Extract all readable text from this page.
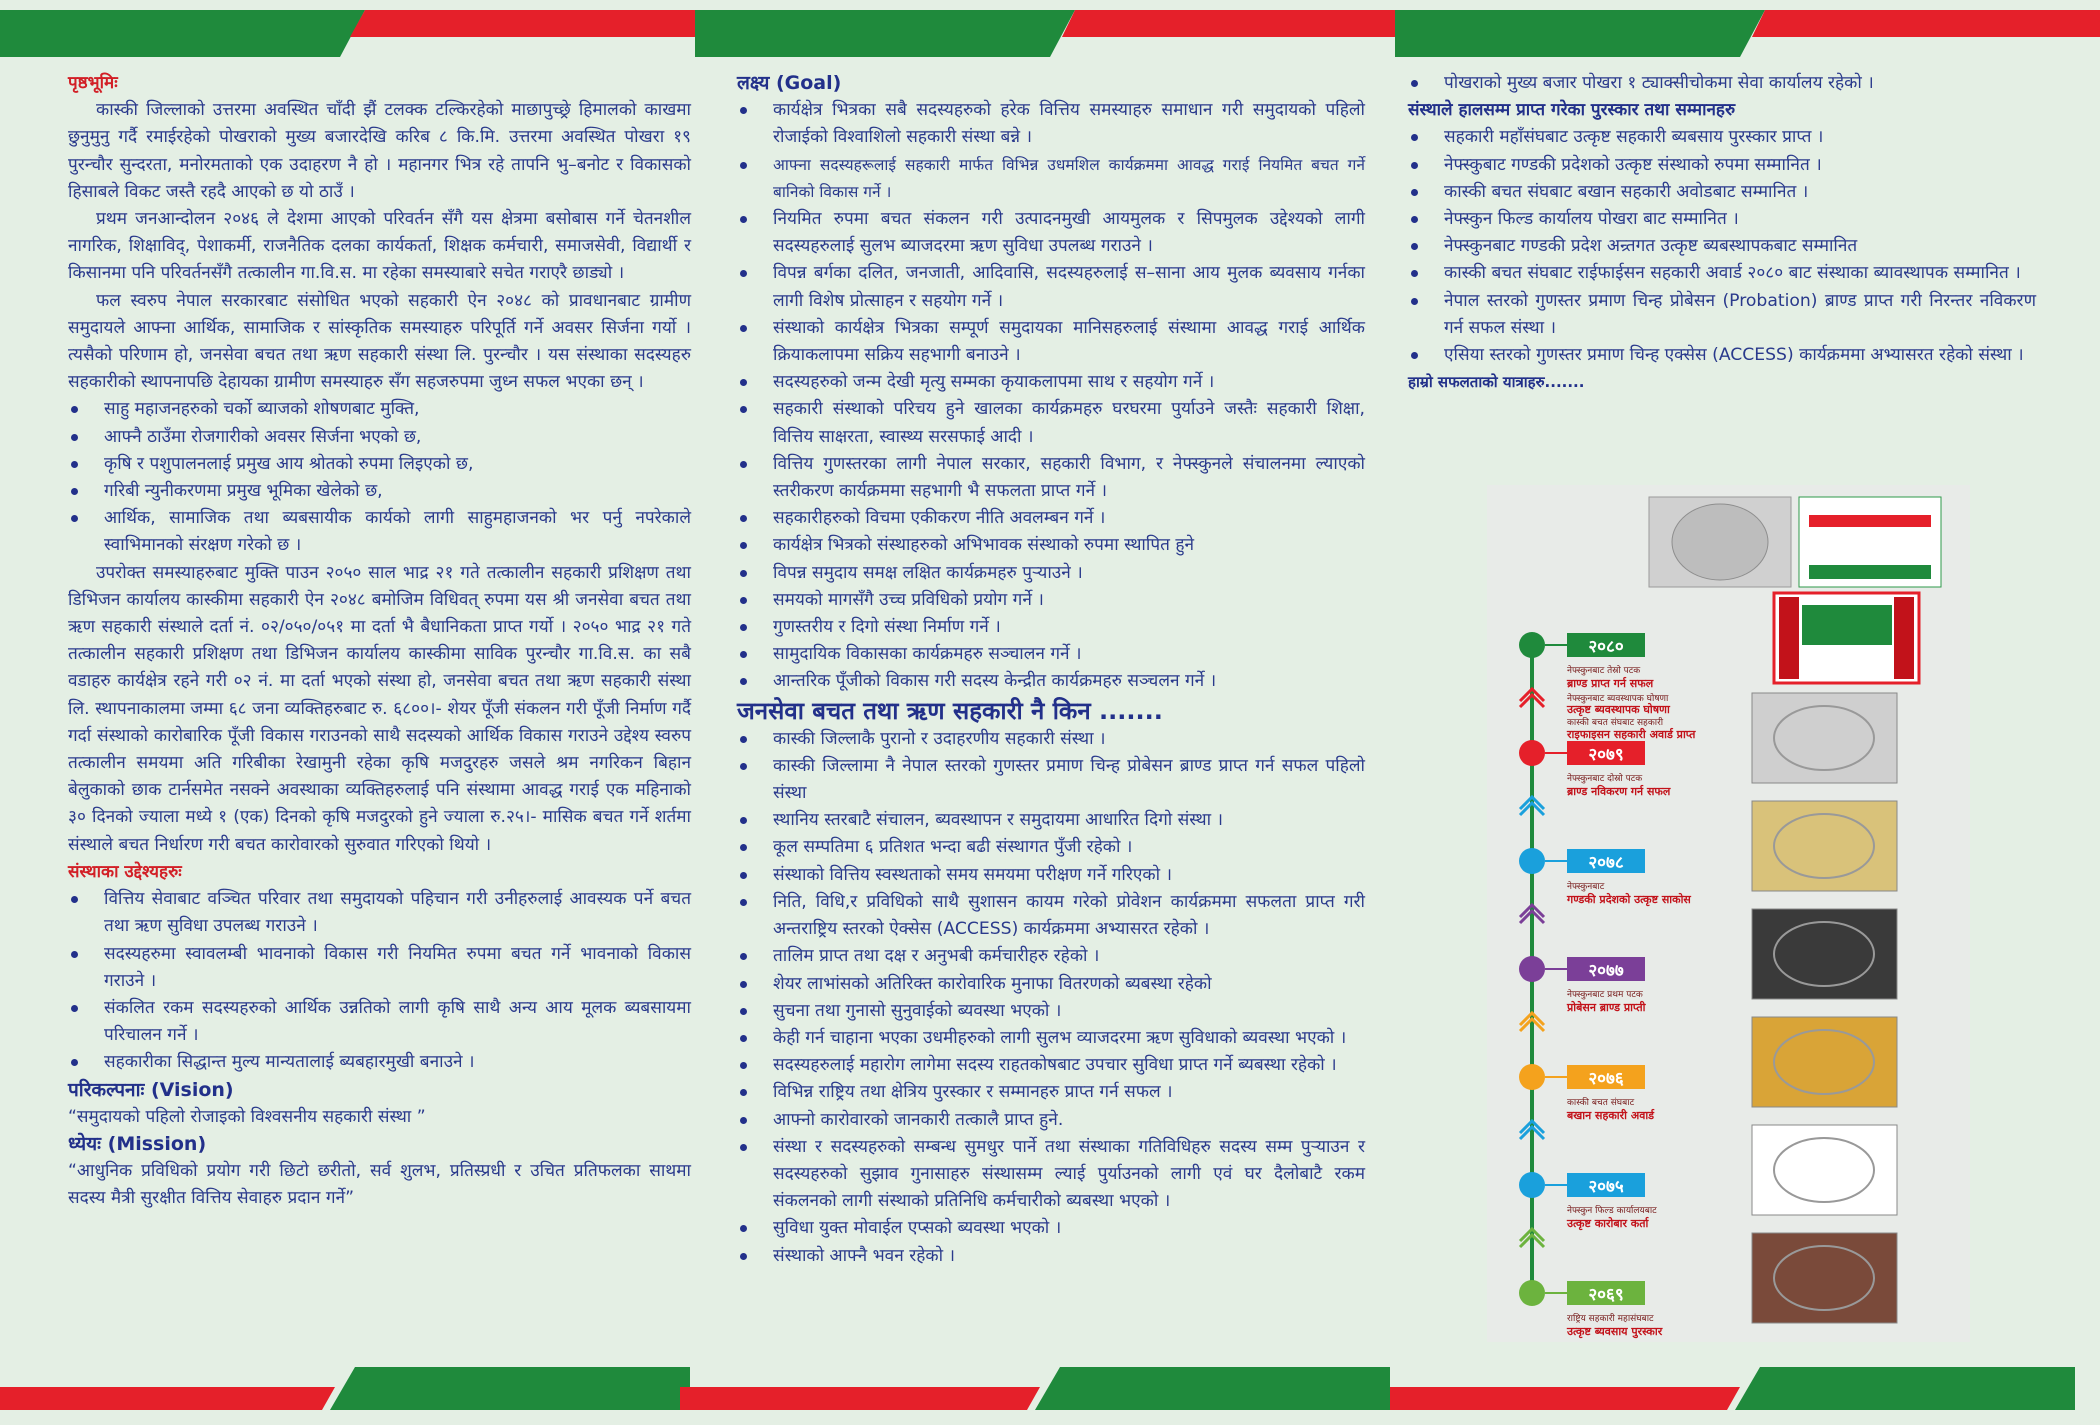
पृष्ठभूमिः

कास्की जिल्लाको उत्तरमा अवस्थित चाँदी झैं टलक्क टल्किरहेको माछापुच्छ्रे हिमालको काखमा छुनुमुनु गर्दै रमाईरहेको पोखराको मुख्य बजारदेखि करिब ८ कि.मि. उत्तरमा अवस्थित पोखरा १९ पुरन्चौर सुन्दरता, मनोरमताको एक उदाहरण नै हो । महानगर भित्र रहे तापनि भु–बनोट र विकासको हिसाबले विकट जस्तै रहदै आएको छ यो ठाउँ ।

प्रथम जनआन्दोलन २०४६ ले देशमा आएको परिवर्तन सँगै यस क्षेत्रमा बसोबास गर्ने चेतनशील नागरिक, शिक्षाविद्, पेशाकर्मी, राजनैतिक दलका कार्यकर्ता, शिक्षक कर्मचारी, समाजसेवी, विद्यार्थी र किसानमा पनि परिवर्तनसँगै तत्कालीन गा.वि.स. मा रहेका समस्याबारे सचेत गराएरै छाड्यो ।

फल स्वरुप नेपाल सरकारबाट संसोधित भएको सहकारी ऐन २०४८ को प्रावधानबाट ग्रामीण समुदायले आफ्ना आर्थिक, सामाजिक र सांस्कृतिक समस्याहरु परिपूर्ति गर्ने अवसर सिर्जना गर्यो । त्यसैको परिणाम हो, जनसेवा बचत तथा ऋण सहकारी संस्था लि. पुरन्चौर । यस संस्थाका सदस्यहरु सहकारीको स्थापनापछि देहायका ग्रामीण समस्याहरु सँग सहजरुपमा जुध्न सफल भएका छन् ।

साहु महाजनहरुको चर्को ब्याजको शोषणबाट मुक्ति,
आफ्नै ठाउँमा रोजगारीको अवसर सिर्जना भएको छ,
कृषि र पशुपालनलाई प्रमुख आय श्रोतको रुपमा लिइएको छ,
गरिबी न्युनीकरणमा प्रमुख भूमिका खेलेको छ,
आर्थिक, सामाजिक तथा ब्यबसायीक कार्यको लागी साहुमहाजनको भर पर्नु नपरेकाले स्वाभिमानको संरक्षण गरेको छ ।

उपरोक्त समस्याहरुबाट मुक्ति पाउन २०५० साल भाद्र २१ गते तत्कालीन सहकारी प्रशिक्षण तथा डिभिजन कार्यालय कास्कीमा सहकारी ऐन २०४८ बमोजिम विधिवत् रुपमा यस श्री जनसेवा बचत तथा ऋण सहकारी संस्थाले दर्ता नं. ०२/०५०/०५१ मा दर्ता भै बैधानिकता प्राप्त गर्यो । २०५० भाद्र २१ गते तत्कालीन सहकारी प्रशिक्षण तथा डिभिजन कार्यालय कास्कीमा साविक पुरन्चौर गा.वि.स. का सबै वडाहरु कार्यक्षेत्र रहने गरी ०२ नं. मा दर्ता भएको संस्था हो, जनसेवा बचत तथा ऋण सहकारी संस्था लि. स्थापनाकालमा जम्मा ६८ जना व्यक्तिहरुबाट रु. ६८००।- शेयर पूँजी संकलन गरी पूँजी निर्माण गर्दै गर्दा संस्थाको कारोबारिक पूँजी विकास गराउनको साथै सदस्यको आर्थिक विकास गराउने उद्देश्य स्वरुप तत्कालीन समयमा अति गरिबीका रेखामुनी रहेका कृषि मजदुरहरु जसले श्रम नगरिकन बिहान बेलुकाको छाक टार्नसमेत नसक्ने अवस्थाका व्यक्तिहरुलाई पनि संस्थामा आवद्ध गराई एक महिनाको ३० दिनको ज्याला मध्ये १ (एक) दिनको कृषि मजदुरको हुने ज्याला रु.२५।- मासिक बचत गर्ने शर्तमा संस्थाले बचत निर्धारण गरी बचत कारोवारको सुरुवात गरिएको थियो ।

संस्थाका उद्देश्यहरुः

वित्तिय सेवाबाट वञ्चित परिवार तथा समुदायको पहिचान गरी उनीहरुलाई आवस्यक पर्ने बचत तथा ऋण सुविधा उपलब्ध गराउने ।
सदस्यहरुमा स्वावलम्बी भावनाको विकास गरी नियमित रुपमा बचत गर्ने भावनाको विकास गराउने ।
संकलित रकम सदस्यहरुको आर्थिक उन्नतिको लागी कृषि साथै अन्य आय मूलक ब्यबसायमा परिचालन गर्ने ।
सहकारीका सिद्धान्त मुल्य मान्यतालाई ब्यबहारमुखी बनाउने ।

परिकल्पनाः (Vision)

“समुदायको पहिलो रोजाइको विश्वसनीय सहकारी संस्था ”

ध्येयः (Mission)

“आधुनिक प्रविधिको प्रयोग गरी छिटो छरीतो, सर्व शुलभ, प्रतिस्प्रधी र उचित प्रतिफलका साथमा सदस्य मैत्री सुरक्षीत वित्तिय सेवाहरु प्रदान गर्ने”

लक्ष्य (Goal)

कार्यक्षेत्र भित्रका सबै सदस्यहरुको हरेक वित्तिय समस्याहरु समाधान गरी समुदायको पहिलो रोजाईको विश्वाशिलो सहकारी संस्था बन्ने ।
आफ्ना सदस्यहरूलाई सहकारी मार्फत विभिन्न उधमशिल कार्यक्रममा आवद्ध गराई नियमित बचत गर्ने बानिको विकास गर्ने ।
नियमित रुपमा बचत संकलन गरी उत्पादनमुखी आयमुलक र सिपमुलक उद्देश्यको लागी सदस्यहरुलाई सुलभ ब्याजदरमा ऋण सुविधा उपलब्ध गराउने ।
विपन्न बर्गका दलित, जनजाती, आदिवासि, सदस्यहरुलाई स–साना आय मुलक ब्यवसाय गर्नका लागी विशेष प्रोत्साहन र सहयोग गर्ने ।
संस्थाको कार्यक्षेत्र भित्रका सम्पूर्ण समुदायका मानिसहरुलाई संस्थामा आवद्ध गराई आर्थिक क्रियाकलापमा सक्रिय सहभागी बनाउने ।
सदस्यहरुको जन्म देखी मृत्यु सम्मका कृयाकलापमा साथ र सहयोग गर्ने ।
सहकारी संस्थाको परिचय हुने खालका कार्यक्रमहरु घरघरमा पुर्याउने जस्तैः सहकारी शिक्षा, वित्तिय साक्षरता, स्वास्थ्य सरसफाई आदी ।
वित्तिय गुणस्तरका लागी नेपाल सरकार, सहकारी विभाग, र नेफ्स्कुनले संचालनमा ल्याएको स्तरीकरण कार्यक्रममा सहभागी भै सफलता प्राप्त गर्ने ।
सहकारीहरुको विचमा एकीकरण नीति अवलम्बन गर्ने ।
कार्यक्षेत्र भित्रको संस्थाहरुको अभिभावक संस्थाको रुपमा स्थापित हुने
विपन्न समुदाय समक्ष लक्षित कार्यक्रमहरु पुर्‍याउने ।
समयको मागसँगै उच्च प्रविधिको प्रयोग गर्ने ।
गुणस्तरीय र दिगो संस्था निर्माण गर्ने ।
सामुदायिक विकासका कार्यक्रमहरु सञ्चालन गर्ने ।
आन्तरिक पूँजीको विकास गरी सदस्य केन्द्रीत कार्यक्रमहरु सञ्चलन गर्ने ।

जनसेवा बचत तथा ऋण सहकारी नै किन .......

कास्की जिल्लाकै पुरानो र उदाहरणीय सहकारी संस्था ।
कास्की जिल्लामा नै नेपाल स्तरको गुणस्तर प्रमाण चिन्ह प्रोबेसन ब्राण्ड प्राप्त गर्न सफल पहिलो संस्था
स्थानिय स्तरबाटै संचालन, ब्यवस्थापन र समुदायमा आधारित दिगो संस्था ।
कूल सम्पतिमा ६ प्रतिशत भन्दा बढी संस्थागत पुँजी रहेको ।
संस्थाको वित्तिय स्वस्थताको समय समयमा परीक्षण गर्ने गरिएको ।
निति, विधि,र प्रविधिको साथै सुशासन कायम गरेको प्रोवेशन कार्यक्रममा सफलता प्राप्त गरी अन्तराष्ट्रिय स्तरको ऐक्सेस (ACCESS) कार्यक्रममा अभ्यासरत रहेको ।
तालिम प्राप्त तथा दक्ष र अनुभबी कर्मचारीहरु रहेको ।
शेयर लाभांसको अतिरिक्त कारोवारिक मुनाफा वितरणको ब्यबस्था रहेको
सुचना तथा गुनासो सुनुवाईको ब्यवस्था भएको ।
केही गर्न चाहाना भएका उधमीहरुको लागी सुलभ व्याजदरमा ऋण सुविधाको ब्यवस्था भएको ।
सदस्यहरुलाई महारोग लागेमा सदस्य राहतकोषबाट उपचार सुविधा प्राप्त गर्ने ब्यबस्था रहेको ।
विभिन्न राष्ट्रिय तथा क्षेत्रिय पुरस्कार र सम्मानहरु प्राप्त गर्न सफल ।
आफ्नो कारोवारको जानकारी तत्कालै प्राप्त हुने.
संस्था र सदस्यहरुको सम्बन्ध सुमधुर पार्ने तथा संस्थाका गतिविधिहरु सदस्य सम्म पुर्‍याउन र सदस्यहरुको सुझाव गुनासाहरु संस्थासम्म ल्याई पुर्याउनको लागी एवं घर दैलोबाटै रकम संकलनको लागी संस्थाको प्रतिनिधि कर्मचारीको ब्यबस्था भएको ।
सुविधा युक्त मोवाईल एप्सको ब्यवस्था भएको ।
संस्थाको आफ्नै भवन रहेको ।
पोखराको मुख्य बजार पोखरा १ ट्याक्सीचोकमा सेवा कार्यालय रहेको ।

संस्थाले हालसम्म प्राप्त गरेका पुरस्कार तथा सम्मानहरु

सहकारी महाँसंघबाट उत्कृष्ट सहकारी ब्यबसाय पुरस्कार प्राप्त ।
नेफ्स्कुबाट गण्डकी प्रदेशको उत्कृष्ट संस्थाको रुपमा सम्मानित ।
कास्की बचत संघबाट बखान सहकारी अवोडबाट सम्मानित ।
नेफ्स्कुन फिल्ड कार्यालय पोखरा बाट सम्मानित ।
नेफ्स्कुनबाट गण्डकी प्रदेश अन्र्तगत उत्कृष्ट ब्यबस्थापकबाट सम्मानित
कास्की बचत संघबाट राईफाईसन सहकारी अवार्ड २०८० बाट संस्थाका ब्यावस्थापक सम्मानित ।
नेपाल स्तरको गुणस्तर प्रमाण चिन्ह प्रोबेसन (Probation) ब्राण्ड प्राप्त गरी निरन्तर नविकरण गर्न सफल संस्था ।
एसिया स्तरको गुणस्तर प्रमाण चिन्ह एक्सेस (ACCESS) कार्यक्रममा अभ्यासरत रहेको संस्था ।

हाम्रो सफलताको यात्राहरु.......

२०८०
नेफ्स्कुनबाट तेस्रो पटक
ब्राण्ड प्राप्त गर्न सफल
नेफ्स्कुनबाट ब्यवस्थापक घोषणा
उत्कृष्ट ब्यवस्थापक घोषणा
कास्की बचत संघबाट सहकारी
राइफाइसन सहकारी अवार्ड प्राप्त
२०७९
नेफ्स्कुनबाट दोस्रो पटक
ब्राण्ड नविकरण गर्न सफल
२०७८
नेफ्स्कुनबाट
गण्डकी प्रदेशको उत्कृष्ट साकोस
२०७७
नेफ्स्कुनबाट प्रथम पटक
प्रोबेसन ब्राण्ड प्राप्ती
२०७६
कास्की बचत संघबाट
बखान सहकारी अवार्ड
२०७५
नेफ्स्कुन फिल्ड कार्यालयबाट
उत्कृष्ट कारोबार कर्ता
२०६९
राष्ट्रिय सहकारी महासंघबाट
उत्कृष्ट ब्यवसाय पुरस्कार
